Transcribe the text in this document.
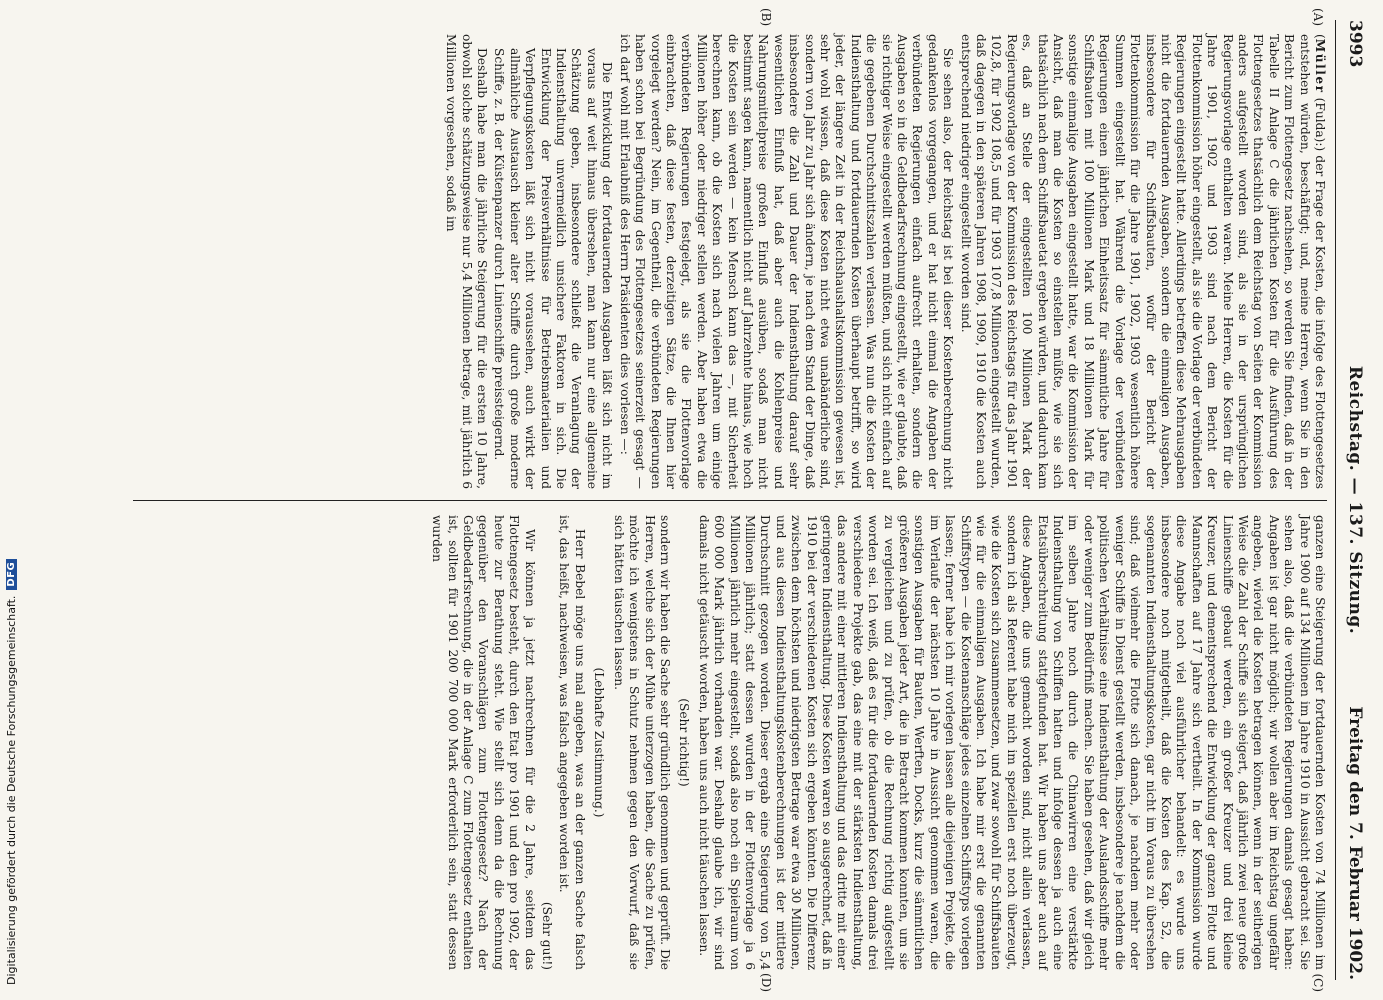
3993
Reichstag. — 137. Sitzung.
Freitag den 7. Februar 1902.
(A)
(B)
(C)
(D)

(Müller (Fulda):) der Frage der Kosten, die infolge des Flottengesetzes entstehen würden, beschäftigt; und, meine Herren, wenn Sie in den Bericht zum Flottengesetz nachsehen, so werden Sie finden, daß in der Tabelle II Anlage C die jährlichen Kosten für die Ausführung des Flottengesetzes thatsächlich dem Reichstag von Seiten der Kommission anders aufgestellt worden sind, als sie in der ursprünglichen Regierungsvorlage enthalten waren. Meine Herren, die Kosten für die Jahre 1901, 1902 und 1903 sind nach dem Bericht der Flottenkommission höher eingestellt, als sie die Vorlage der verbündeten Regierungen eingestellt hatte. Allerdings betreffen diese Mehrausgaben nicht die fortdauernden Ausgaben, sondern die einmaligen Ausgaben, insbesondere für Schiffsbauten, wofür der Bericht der Flottenkommission für die Jahre 1901, 1902, 1903 wesentlich höhere Summen eingestellt hat. Während die Vorlage der verbündeten Regierungen einen jährlichen Einheitssatz für sämmtliche Jahre für Schiffsbauten mit 100 Millionen Mark und 18 Millionen Mark für sonstige einmalige Ausgaben eingestellt hatte, war die Kommission der Ansicht, daß man die Kosten so einstellen müßte, wie sie sich thatsächlich nach dem Schiffsbauetat ergeben würden, und dadurch kam es, daß an Stelle der eingestellten 100 Millionen Mark der Regierungsvorlage von der Kommission des Reichstags für das Jahr 1901 102,8, für 1902 108,5 und für 1903 107,8 Millionen eingestellt wurden, daß dagegen in den späteren Jahren 1908, 1909, 1910 die Kosten auch entsprechend niedriger eingestellt worden sind.

Sie sehen also, der Reichstag ist bei dieser Kostenberechnung nicht gedankenlos vorgegangen, und er hat nicht einmal die Angaben der verbündeten Regierungen einfach aufrecht erhalten, sondern die Ausgaben so in die Geldbedarfsrechnung eingestellt, wie er glaubte, daß sie richtiger Weise eingestellt werden müßten, und sich nicht einfach auf die gegebenen Durchschnittszahlen verlassen. Was nun die Kosten der Indiensthaltung und fortdauernden Kosten überhaupt betrifft, so wird jeder, der längere Zeit in der Reichshaushaltskommission gewesen ist, sehr wohl wissen, daß diese Kosten nicht etwa unabänderliche sind, sondern von Jahr zu Jahr sich ändern, je nach dem Stand der Dinge, daß insbesondere die Zahl und Dauer der Indiensthaltung darauf sehr wesentlichen Einfluß hat, daß aber auch die Kohlenpreise und Nahrungsmittelpreise großen Einfluß ausüben, sodaß man nicht bestimmt sagen kann, namentlich nicht auf Jahrzehnte hinaus, wie hoch die Kosten sein werden — kein Mensch kann das —, mit Sicherheit berechnen kann, ob die Kosten sich nach vielen Jahren um einige Millionen höher oder niedriger stellen werden. Aber haben etwa die verbündeten Regierungen festgelegt, als sie die Flottenvorlage einbrachten, daß diese festen, derzeitigen Sätze, die Ihnen hier vorgelegt werden? Nein, im Gegentheil, die verbündeten Regierungen haben schon bei Begründung des Flottengesetzes seinerzeit gesagt — ich darf wohl mit Erlaubniß des Herrn Präsidenten dies vorlesen —:

Die Entwicklung der fortdauernden Ausgaben läßt sich nicht im voraus auf weit hinaus übersehen, man kann nur eine allgemeine Schätzung geben, insbesondere schließt die Veranlagung der Indiensthaltung unvermeidlich unsichere Faktoren in sich. Die Entwicklung der Preisverhältnisse für Betriebsmaterialien und Verpflegungskosten läßt sich nicht voraussehen, auch wirkt der allmähliche Austausch kleiner alter Schiffe durch große moderne Schiffe, z. B. der Küstenpanzer durch Linienschiffe preissteigernd.

Deshalb habe man die jährliche Steigerung für die ersten 10 Jahre, obwohl solche schätzungsweise nur 5,4 Millionen betrage, mit jährlich 6 Millionen vorgesehen, sodaß im

ganzen eine Steigerung der fortdauernden Kosten von 74 Millionen im Jahre 1900 auf 134 Millionen im Jahre 1910 in Aussicht gebracht sei. Sie sehen also, daß die verbündeten Regierungen damals gesagt haben: Angaben ist gar nicht möglich; wir wollen aber im Reichstag ungefähr angeben, wieviel die Kosten betragen können, wenn in der seitherigen Weise die Zahl der Schiffe sich steigert, daß jährlich zwei neue große Linienschiffe gebaut werden, ein großer Kreuzer und drei kleine Kreuzer, und dementsprechend die Entwicklung der ganzen Flotte und Mannschaften auf 17 Jahre sich vertheilt. In der Kommission wurde diese Angabe noch viel ausführlicher behandelt: es wurde uns insbesondere noch mitgetheilt, daß die Kosten des Kap. 52, die sogenannten Indiensthaltungskosten, gar nicht im Voraus zu übersehen sind; daß vielmehr die Flotte sich danach, je nachdem mehr oder weniger Schiffe in Dienst gestellt werden, insbesondere je nachdem die politischen Verhältnisse eine Indiensthaltung der Auslandsschiffe mehr oder weniger zum Bedürfniß machen. Sie haben gesehen, daß wir gleich im selben Jahre noch durch die Chinawirren eine verstärkte Indiensthaltung von Schiffen hatten und infolge dessen ja auch eine Etatsüberschreitung stattgefunden hat. Wir haben uns aber auch auf diese Angaben, die uns gemacht worden sind, nicht allein verlassen, sondern ich als Referent habe mich im speziellen erst noch überzeugt, wie die Kosten sich zusammensetzen, und zwar sowohl für Schiffsbauten wie für die einmaligen Ausgaben. Ich habe mir erst die genannten Schiffstypen — die Kostenanschläge jedes einzelnen Schiffstyps vorlegen lassen; ferner habe ich mir vorlegen lassen alle diejenigen Projekte, die im Verlaufe der nächsten 10 Jahre in Aussicht genommen waren, die sonstigen Ausgaben für Bauten, Werften, Docks, kurz die sämmtlichen größeren Ausgaben jeder Art, die in Betracht kommen konnten, um sie zu vergleichen und zu prüfen, ob die Rechnung richtig aufgestellt worden sei. Ich weiß, daß es für die fortdauernden Kosten damals drei verschiedene Projekte gab, das eine mit der stärksten Indiensthaltung, das andere mit einer mittleren Indiensthaltung und das dritte mit einer geringeren Indiensthaltung. Diese Kosten waren so ausgerechnet, daß in 1910 bei der verschiedenen Kosten sich ergeben könnten. Die Differenz zwischen dem höchsten und niedrigsten Betrage war etwa 30 Millionen, und aus diesen Indiensthaltungskostenberechnungen ist der mittlere Durchschnitt gezogen worden. Dieser ergab eine Steigerung von 5,4 Millionen jährlich; statt dessen wurden in der Flottenvorlage ja 6 Millionen jährlich mehr eingestellt, sodaß also noch ein Spielraum von 600 000 Mark jährlich vorhanden war. Deshalb glaube ich, wir sind damals nicht getäuscht worden, haben uns auch nicht täuschen lassen.

(Sehr richtig!)

sondern wir haben die Sache sehr gründlich genommen und geprüft. Die Herren, welche sich der Mühe unterzogen haben, die Sache zu prüfen, möchte ich wenigstens in Schutz nehmen gegen den Vorwurf, daß sie sich hätten täuschen lassen.

(Lebhafte Zustimmung.)

Herr Bebel möge uns mal angeben, was an der ganzen Sache falsch ist, das heißt, nachweisen, was falsch angegeben worden ist.

(Sehr gut!)

Wir können ja jetzt nachrechnen für die 2 Jahre, seitdem das Flottengesetz besteht, durch den Etat pro 1901 und den pro 1902, der heute zur Berathung steht. Wie stellt sich denn da die Rechnung gegenüber den Voranschlägen zum Flottengesetz? Nach der Geldbedarfsrechnung, die in der Anlage C zum Flottengesetz enthalten ist, sollten für 1901 200 700 000 Mark erforderlich sein, statt dessen wurden

Digitalisierung gefördert durch die Deutsche Forschungsgemeinschaft.
DFG
